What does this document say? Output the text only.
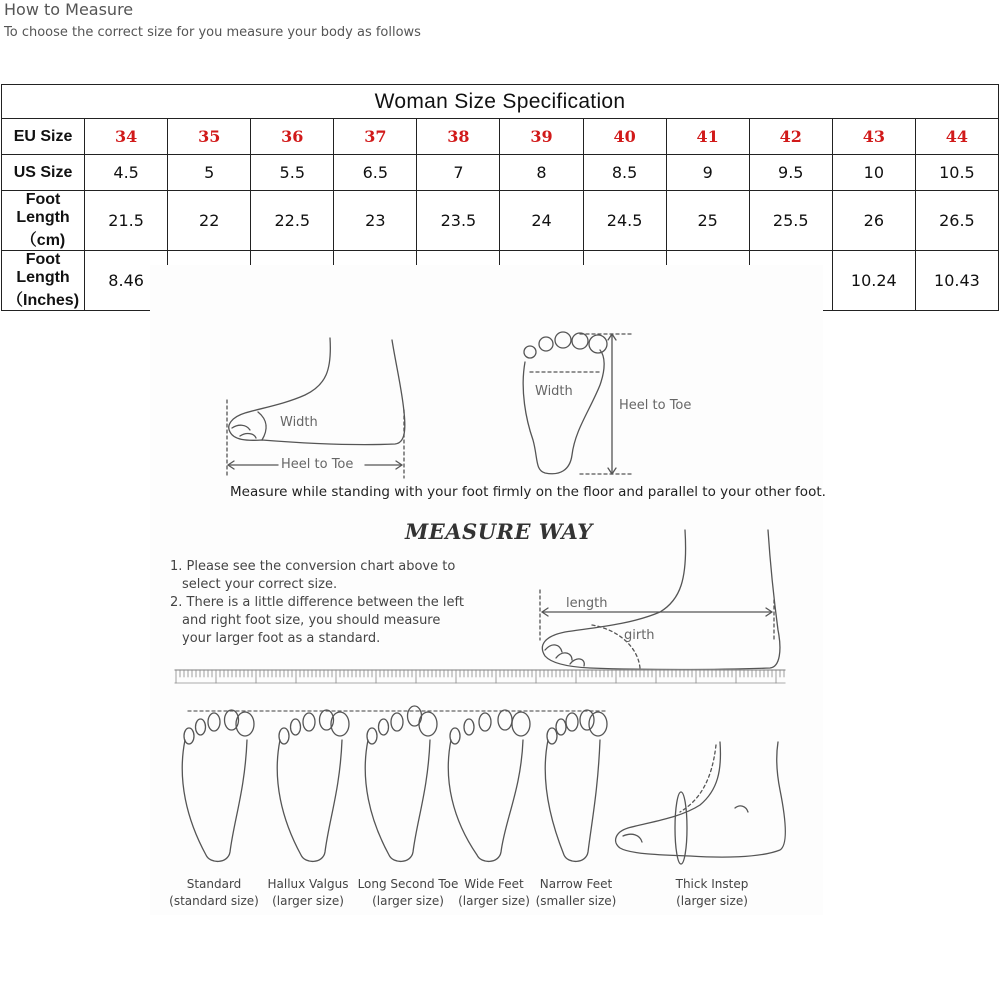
Woman Size Specification											
EU Size	34	35	36	37	38	39	40	41	42	43	44
US Size	4.5	5	5.5	6.5	7	8	8.5	9	9.5	10	10.5
Foot Length（cm)	21.5	22	22.5	23	23.5	24	24.5	25	25.5	26	26.5
Foot Length（Inches)	8.46									10.24	10.43
How to Measure
To choose the correct size for you measure your body as follows
Width
Heel to Toe
Width
Heel to Toe
Measure while standing with your foot firmly on the floor and parallel to your other foot.
MEASURE WAY
1. Please see the conversion chart above to
select your correct size.
2. There is a little difference between the left
and right foot size, you should measure
your larger foot as a standard.
length
girth
Standard
(standard size)
Hallux Valgus
(larger size)
Long Second Toe
(larger size)
Wide Feet
(larger size)
Narrow Feet
(smaller size)
Thick Instep
(larger size)
